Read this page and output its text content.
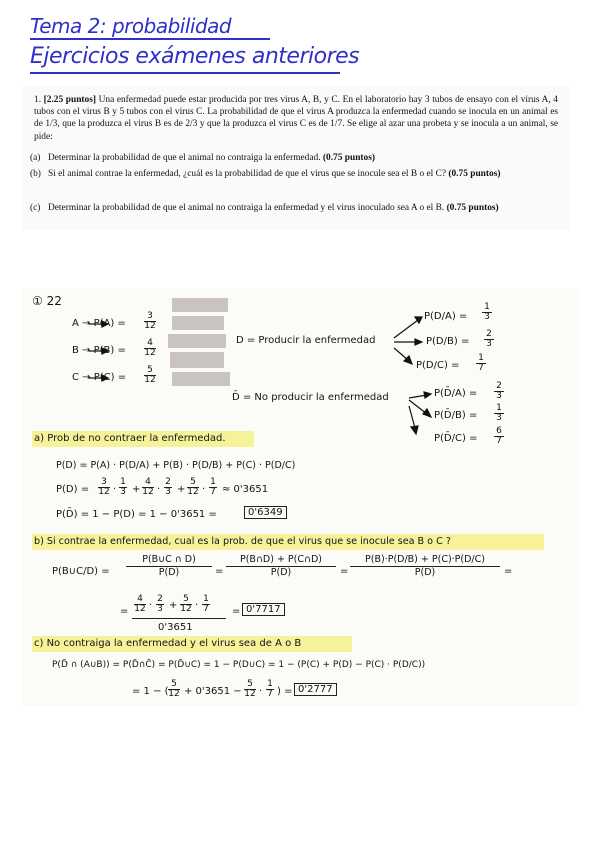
Tema 2: probabilidad
Ejercicios exámenes anteriores
1. [2.25 puntos] Una enfermedad puede estar producida por tres virus A, B, y C. En el laboratorio hay 3 tubos de ensayo con el virus A, 4 tubos con el virus B y 5 tubos con el virus C. La probabilidad de que el virus A produzca la enfermedad cuando se inocula en un animal es de 1/3, que la produzca el virus B es de 2/3 y que la produzca el virus C es de 1/7. Se elige al azar una probeta y se inocula a un animal, se pide:
(a) Determinar la probabilidad de que el animal no contraiga la enfermedad. (0.75 puntos)
(b) Si el animal contrae la enfermedad, ¿cuál es la probabilidad de que el virus que se inocule sea el B o el C? (0.75 puntos)
(c) Determinar la probabilidad de que el animal no contraiga la enfermedad y el virus inoculado sea A o el B. (0.75 puntos)
① 22
$A \to P(A) = \frac{3}{12}$
$B \to P(B) = \frac{4}{12}$
$C \to P(C) = \frac{5}{12}$
D = Producir la enfermedad
$P(D/A) = \frac{1}{3}$
$P(D/B) = \frac{2}{3}$
$P(D/C) = \frac{1}{7}$
D̄ = No producir la enfermedad	P(D̄/A) = $\frac{2}{3}$
P(D̄/B) = $\frac{1}{3}$
P(D̄/C) = $\frac{6}{7}$
a) Prob de no contraer la enfermedad.
P(D) = P(A) · P(D/A) + P(B) · P(D/B) + P(C) · P(D/C)
$P(D) = \frac{3}{12} \cdot \frac{1}{3} + \frac{4}{12} \cdot \frac{2}{3} + \frac{5}{12} \cdot \frac{1}{7} \approx 0'3651$
P(D̄) = 1 − P(D) = 1 − 0'3651 =	0'6349
b) Si contrae la enfermedad, cual es la prob. de que el virus que se inocule sea B o C ?
P(B∪C/D) = $\frac{P(B\cup C \cap D)}{P(D)} = \frac{P(B\cap D) + P(C\cap D)}{P(D)} = \frac{P(B)\cdot P(D/B) + P(C)\cdot P(D/C)}{P(D)}$ =
= $\frac{4}{12} \cdot \frac{2}{3} + \frac{5}{12} \cdot \frac{1}{7} = 0'7717$
0'3651
c) No contraiga la enfermedad y el virus sea de A o B
P(D̄ ∩ (A∪B)) = P(D̄∩C̄) = P(D̄∪C) = 1 − P(D∪C) = 1 − (P(C) + P(D) − P(C) · P(D/C))
= 1 − ( $\frac{5}{12} + 0'3651 - \frac{5}{12} \cdot \frac{1}{7}$ ) = 0'2777
